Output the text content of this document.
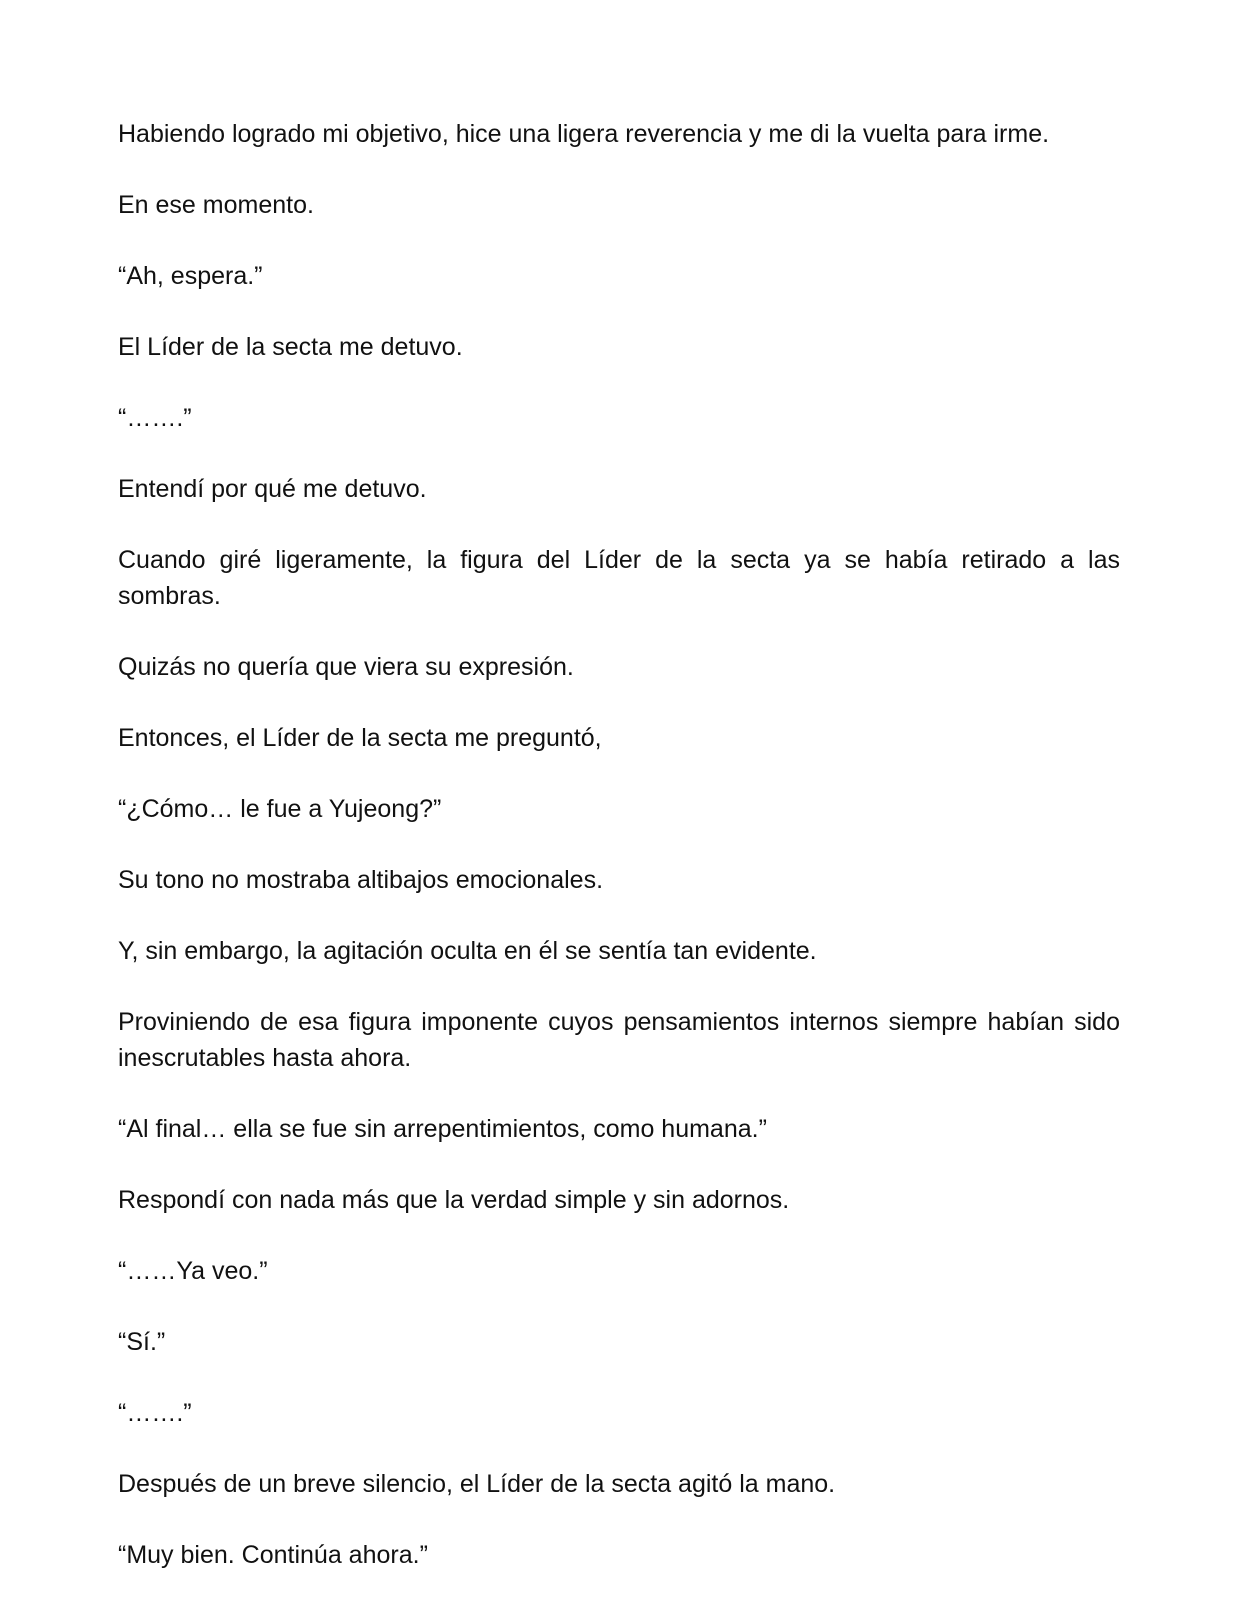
Habiendo logrado mi objetivo, hice una ligera reverencia y me di la vuelta para irme.

En ese momento.

“Ah, espera.”

El Líder de la secta me detuvo.

“…….”

Entendí por qué me detuvo.

Cuando giré ligeramente, la figura del Líder de la secta ya se había retirado a las sombras.

Quizás no quería que viera su expresión.

Entonces, el Líder de la secta me preguntó,

“¿Cómo… le fue a Yujeong?”

Su tono no mostraba altibajos emocionales.

Y, sin embargo, la agitación oculta en él se sentía tan evidente.

Proviniendo de esa figura imponente cuyos pensamientos internos siempre habían sido inescrutables hasta ahora.

“Al final… ella se fue sin arrepentimientos, como humana.”

Respondí con nada más que la verdad simple y sin adornos.

“……Ya veo.”

“Sí.”

“…….”

Después de un breve silencio, el Líder de la secta agitó la mano.

“Muy bien. Continúa ahora.”
